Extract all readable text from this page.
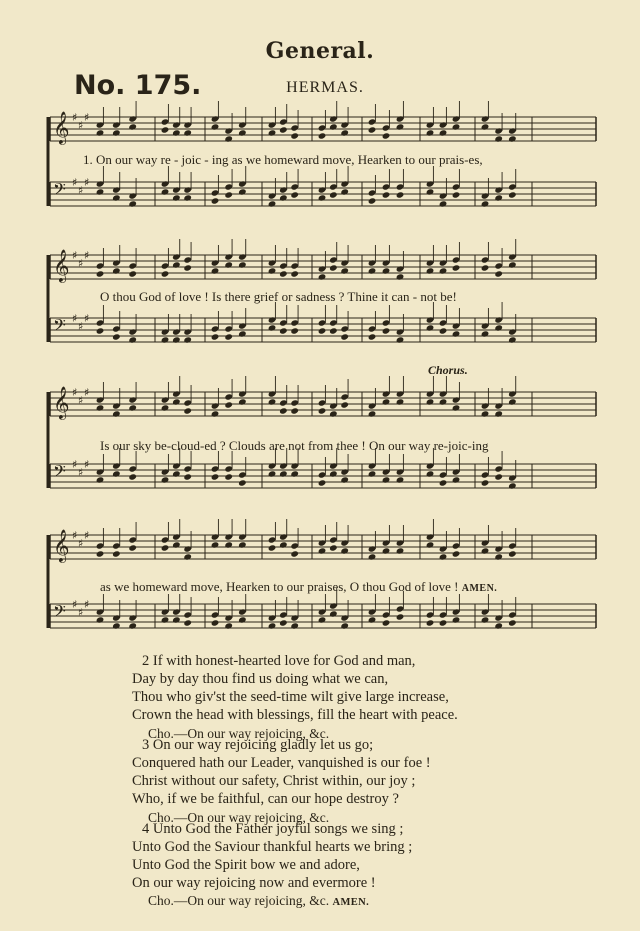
General.
No. 175.	HERMAS.
𝄞 ♯
♯
♯
𝄢 ♯
♯
♯
𝄞 ♯
♯
♯
𝄢 ♯
♯
♯
𝄞 ♯
♯
♯
𝄢 ♯
♯
♯
𝄞 ♯
♯
♯
𝄢 ♯
♯
♯
1. On our way re - joic - ing as we homeward move, Hearken to our prais-es,
O thou God of love ! Is there grief or sadness ? Thine it can - not be!
Chorus.
Is our sky be-cloud-ed ? Clouds are not from thee ! On our way re-joic-ing
as we homeward move, Hearken to our praises, O thou God of love ! AMEN.
2 If with honest-hearted love for God and man,
Day by day thou find us doing what we can,
Thou who giv'st the seed-time wilt give large increase,
Crown the head with blessings, fill the heart with peace.
Cho.—On our way rejoicing, &c.
3 On our way rejoicing gladly let us go;
Conquered hath our Leader, vanquished is our foe !
Christ without our safety, Christ within, our joy ;
Who, if we be faithful, can our hope destroy ?
Cho.—On our way rejoicing, &c.
4 Unto God the Father joyful songs we sing ;
Unto God the Saviour thankful hearts we bring ;
Unto God the Spirit bow we and adore,
On our way rejoicing now and evermore !
Cho.—On our way rejoicing, &c. AMEN.
